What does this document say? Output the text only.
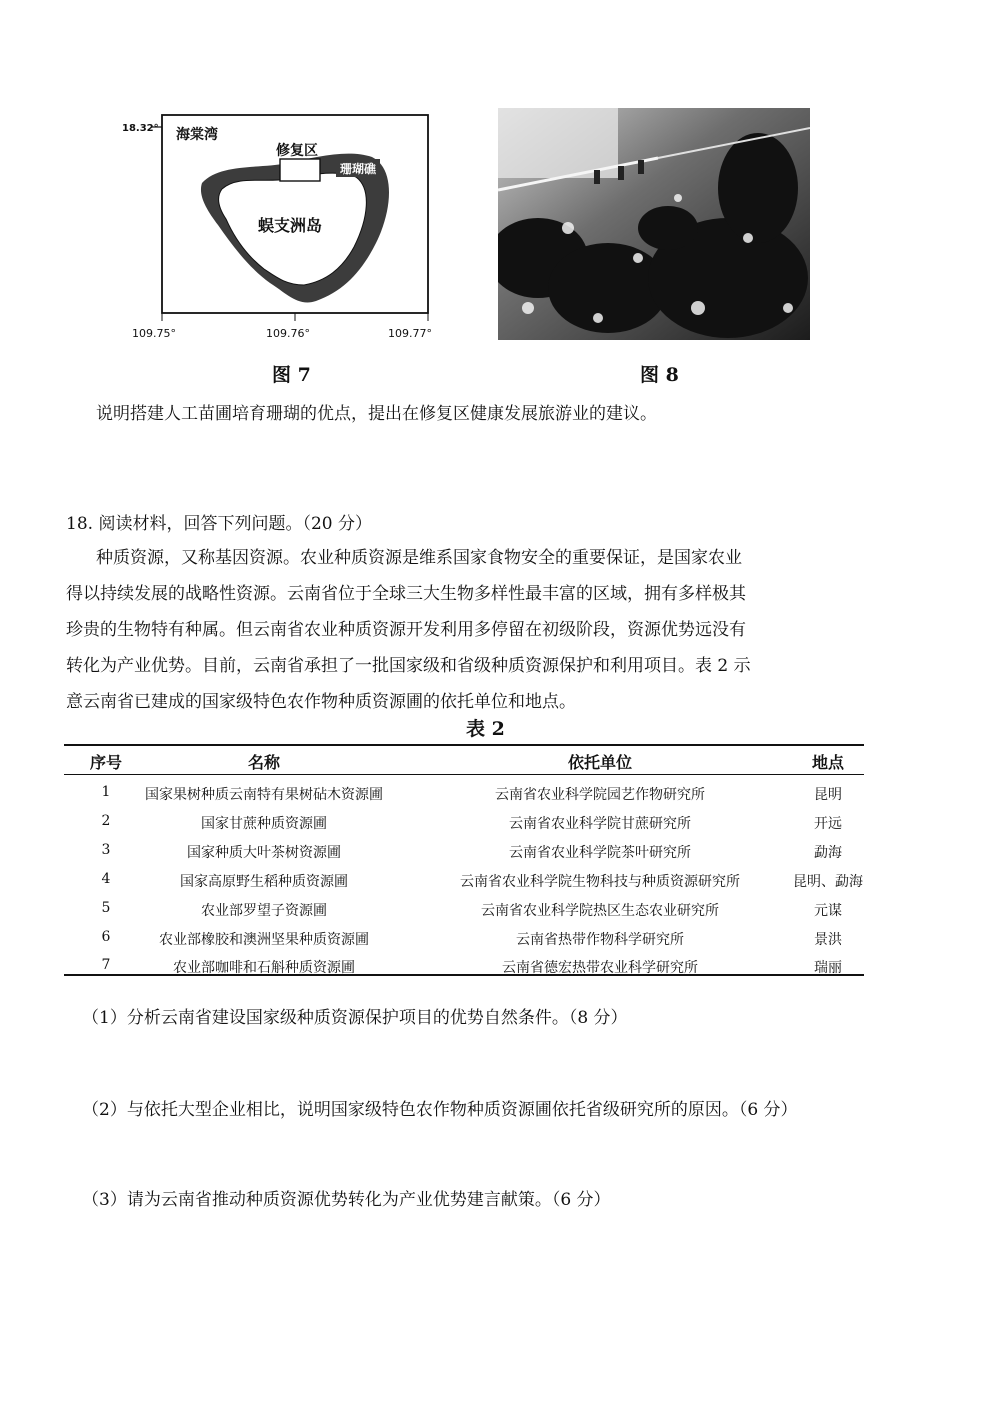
18.32° 海棠湾
修复区
珊瑚礁
蜈支洲岛
109.75°	109.76°	109.77°
图 7	图 8
说明搭建人工苗圃培育珊瑚的优点，提出在修复区健康发展旅游业的建议。
18. 阅读材料，回答下列问题。（20 分）
种质资源，又称基因资源。农业种质资源是维系国家食物安全的重要保证，是国家农业
得以持续发展的战略性资源。云南省位于全球三大生物多样性最丰富的区域，拥有多样极其
珍贵的生物特有种属。但云南省农业种质资源开发利用多停留在初级阶段，资源优势远没有
转化为产业优势。目前，云南省承担了一批国家级和省级种质资源保护和利用项目。表 2 示
意云南省已建成的国家级特色农作物种质资源圃的依托单位和地点。
表 2
序号	名称	依托单位	地点
1 国家果树种质云南特有果树砧木资源圃	云南省农业科学院园艺作物研究所	昆明
2	国家甘蔗种质资源圃	云南省农业科学院甘蔗研究所	开远
3	国家种质大叶茶树资源圃	云南省农业科学院茶叶研究所	勐海
4	国家高原野生稻种质资源圃	云南省农业科学院生物科技与种质资源研究所	昆明、勐海
5	农业部罗望子资源圃	云南省农业科学院热区生态农业研究所	元谋
6	农业部橡胶和澳洲坚果种质资源圃	云南省热带作物科学研究所	景洪
7	农业部咖啡和石斛种质资源圃	云南省德宏热带农业科学研究所	瑞丽
（1）分析云南省建设国家级种质资源保护项目的优势自然条件。（8 分）
（2）与依托大型企业相比，说明国家级特色农作物种质资源圃依托省级研究所的原因。（6 分）
（3）请为云南省推动种质资源优势转化为产业优势建言献策。（6 分）
